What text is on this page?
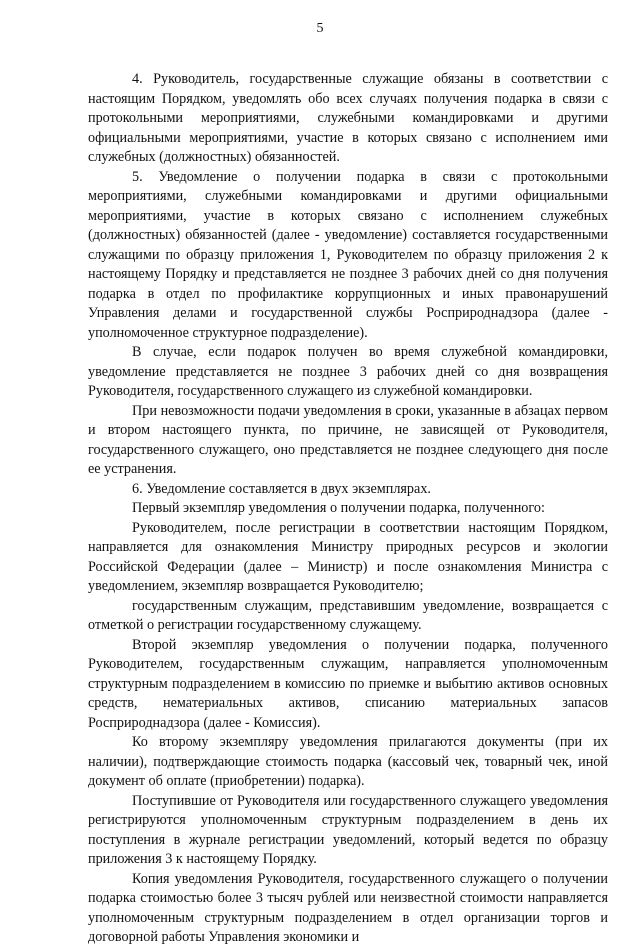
5

4. Руководитель, государственные служащие обязаны в соответствии с настоящим Порядком, уведомлять обо всех случаях получения подарка в связи с протокольными мероприятиями, служебными командировками и другими официальными мероприятиями, участие в которых связано с исполнением ими служебных (должностных) обязанностей.

5. Уведомление о получении подарка в связи с протокольными мероприятиями, служебными командировками и другими официальными мероприятиями, участие в которых связано с исполнением служебных (должностных) обязанностей (далее - уведомление) составляется государственными служащими по образцу приложения 1, Руководителем по образцу приложения 2 к настоящему Порядку и представляется не позднее 3 рабочих дней со дня получения подарка в отдел по профилактике коррупционных и иных правонарушений Управления делами и государственной службы Росприроднадзора (далее - уполномоченное структурное подразделение).

В случае, если подарок получен во время служебной командировки, уведомление представляется не позднее 3 рабочих дней со дня возвращения Руководителя, государственного служащего из служебной командировки.

При невозможности подачи уведомления в сроки, указанные в абзацах первом и втором настоящего пункта, по причине, не зависящей от Руководителя, государственного служащего, оно представляется не позднее следующего дня после ее устранения.

6. Уведомление составляется в двух экземплярах.

Первый экземпляр уведомления о получении подарка, полученного:

Руководителем, после регистрации в соответствии настоящим Порядком, направляется для ознакомления Министру природных ресурсов и экологии Российской Федерации (далее – Министр) и после ознакомления Министра с уведомлением, экземпляр возвращается Руководителю;

государственным служащим, представившим уведомление, возвращается с отметкой о регистрации государственному служащему.

Второй экземпляр уведомления о получении подарка, полученного Руководителем, государственным служащим, направляется уполномоченным структурным подразделением в комиссию по приемке и выбытию активов основных средств, нематериальных активов, списанию материальных запасов Росприроднадзора (далее - Комиссия).

Ко второму экземпляру уведомления прилагаются документы (при их наличии), подтверждающие стоимость подарка (кассовый чек, товарный чек, иной документ об оплате (приобретении) подарка).

Поступившие от Руководителя или государственного служащего уведомления регистрируются уполномоченным структурным подразделением в день их поступления в журнале регистрации уведомлений, который ведется по образцу приложения 3 к настоящему Порядку.

Копия уведомления Руководителя, государственного служащего о получении подарка стоимостью более 3 тысяч рублей или неизвестной стоимости направляется уполномоченным структурным подразделением в отдел организации торгов и договорной работы Управления экономики и
